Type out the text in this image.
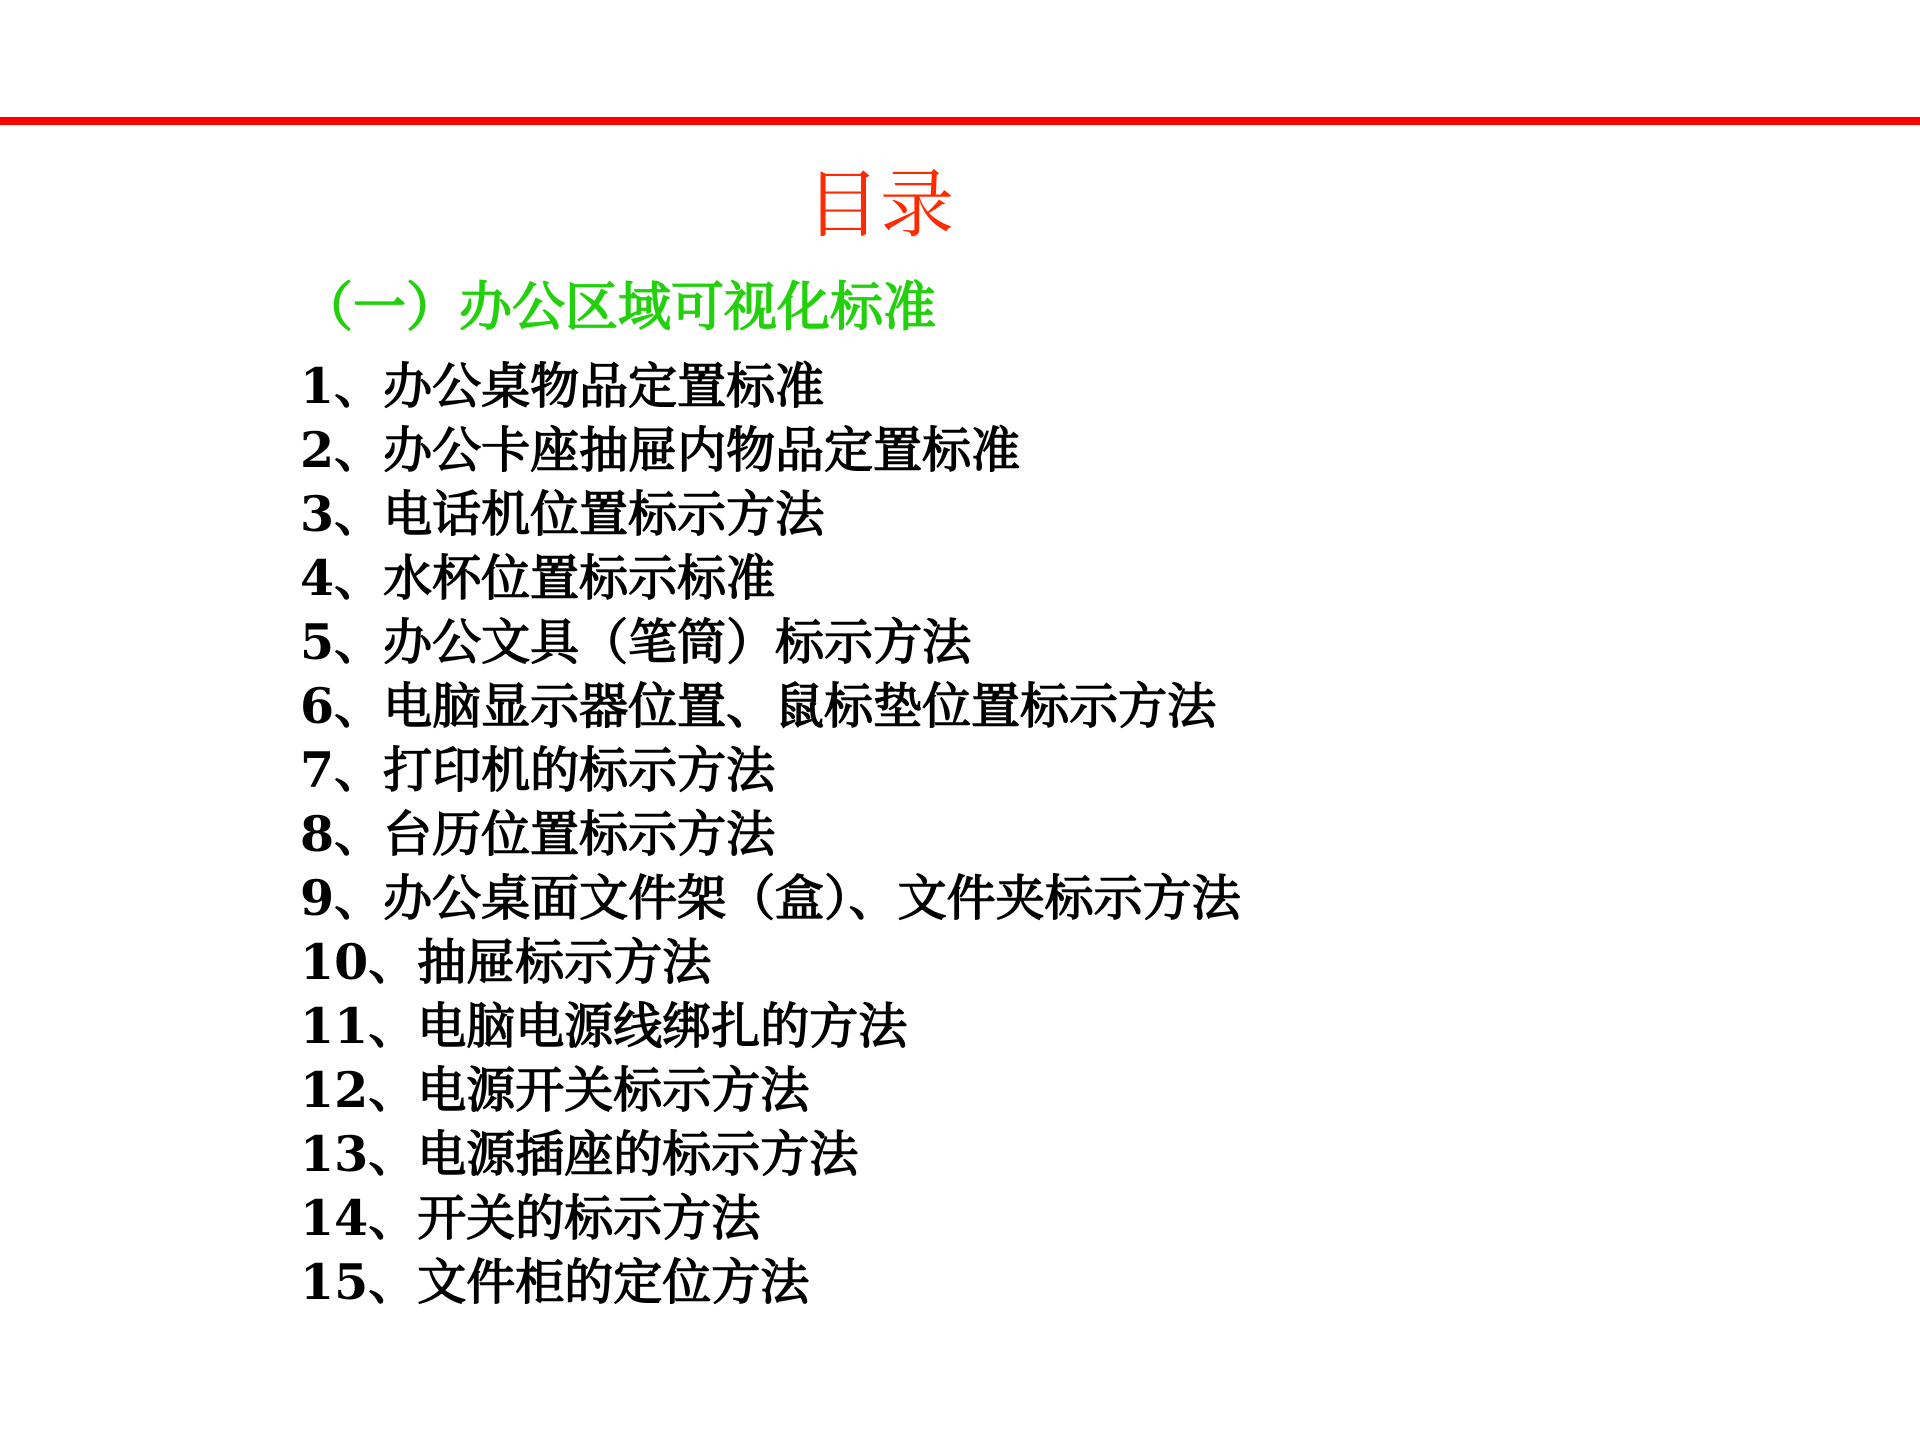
目录
（一）办公区域可视化标准
1、办公桌物品定置标准
2、办公卡座抽屉内物品定置标准
3、电话机位置标示方法
4、水杯位置标示标准
5、办公文具（笔筒）标示方法
6、电脑显示器位置、鼠标垫位置标示方法
7、打印机的标示方法
8、台历位置标示方法
9、办公桌面文件架（盒）、文件夹标示方法
10、抽屉标示方法
11、电脑电源线绑扎的方法
12、电源开关标示方法
13、电源插座的标示方法
14、开关的标示方法
15、文件柜的定位方法
